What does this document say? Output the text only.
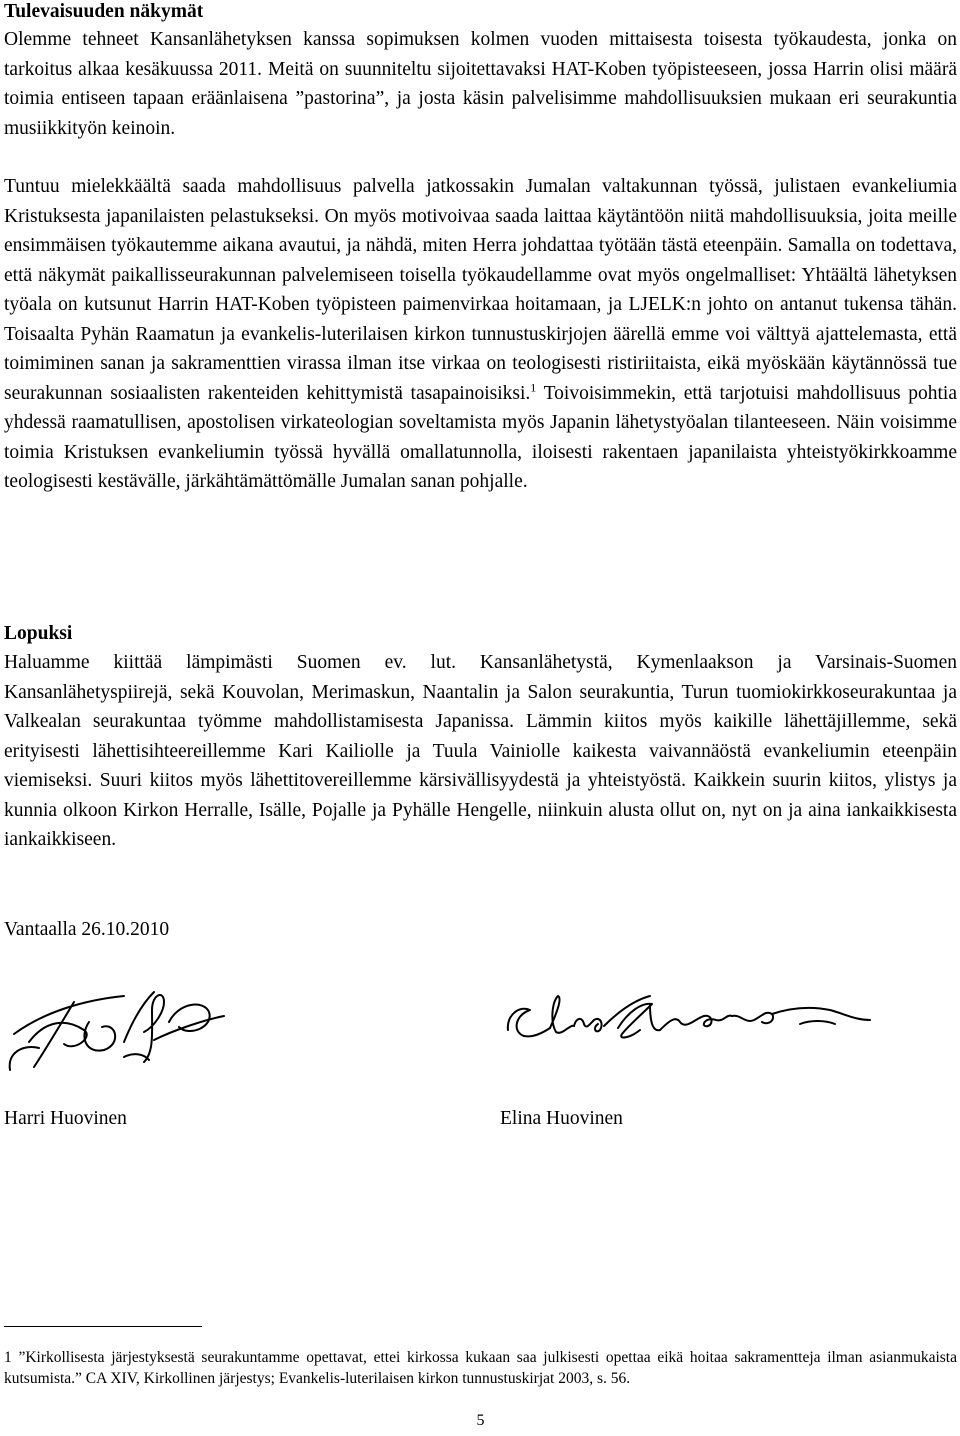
Tulevaisuuden näkymät

Olemme tehneet Kansanlähetyksen kanssa sopimuksen kolmen vuoden mittaisesta toisesta työkaudesta, jonka on tarkoitus alkaa kesäkuussa 2011. Meitä on suunniteltu sijoitettavaksi HAT-Koben työpisteeseen, jossa Harrin olisi määrä toimia entiseen tapaan eräänlaisena ”pastorina”, ja josta käsin palvelisimme mahdollisuuksien mukaan eri seurakuntia musiikkityön keinoin.

Tuntuu mielekkäältä saada mahdollisuus palvella jatkossakin Jumalan valtakunnan työssä, julistaen evankeliumia Kristuksesta japanilaisten pelastukseksi. On myös motivoivaa saada laittaa käytäntöön niitä mahdollisuuksia, joita meille ensimmäisen työkautemme aikana avautui, ja nähdä, miten Herra johdattaa työtään tästä eteenpäin. Samalla on todettava, että näkymät paikallisseurakunnan palvelemiseen toisella työkaudellamme ovat myös ongelmalliset: Yhtäältä lähetyksen työala on kutsunut Harrin HAT-Koben työpisteen paimenvirkaa hoitamaan, ja LJELK:n johto on antanut tukensa tähän. Toisaalta Pyhän Raamatun ja evankelis-luterilaisen kirkon tunnustuskirjojen äärellä emme voi välttyä ajattelemasta, että toimiminen sanan ja sakramenttien virassa ilman itse virkaa on teologisesti ristiriitaista, eikä myöskään käytännössä tue seurakunnan sosiaalisten rakenteiden kehittymistä tasapainoisiksi.$^1$ Toivoisimmekin, että tarjotuisi mahdollisuus pohtia yhdessä raamatullisen, apostolisen virkateologian soveltamista myös Japanin lähetystyöalan tilanteeseen. Näin voisimme toimia Kristuksen evankeliumin työssä hyvällä omallatunnolla, iloisesti rakentaen japanilaista yhteistyökirkkoamme teologisesti kestävälle, järkähtämättömälle Jumalan sanan pohjalle.

Lopuksi

Haluamme kiittää lämpimästi Suomen ev. lut. Kansanlähetystä, Kymenlaakson ja Varsinais-Suomen Kansanlähetyspiirejä, sekä Kouvolan, Merimaskun, Naantalin ja Salon seurakuntia, Turun tuomiokirkkoseurakuntaa ja Valkealan seurakuntaa työmme mahdollistamisesta Japanissa. Lämmin kiitos myös kaikille lähettäjillemme, sekä erityisesti lähettisihteereillemme Kari Kailiolle ja Tuula Vainiolle kaikesta vaivannäöstä evankeliumin eteenpäin viemiseksi. Suuri kiitos myös lähettitovereillemme kärsivällisyydestä ja yhteistyöstä. Kaikkein suurin kiitos, ylistys ja kunnia olkoon Kirkon Herralle, Isälle, Pojalle ja Pyhälle Hengelle, niinkuin alusta ollut on, nyt on ja aina iankaikkisesta iankaikkiseen.

Vantaalla 26.10.2010
Harri Huovinen	Elina Huovinen
1 ”Kirkollisesta järjestyksestä seurakuntamme opettavat, ettei kirkossa kukaan saa julkisesti opettaa eikä hoitaa sakramentteja ilman asianmukaista kutsumista.” CA XIV, Kirkollinen järjestys; Evankelis-luterilaisen kirkon tunnustuskirjat 2003, s. 56.
5
